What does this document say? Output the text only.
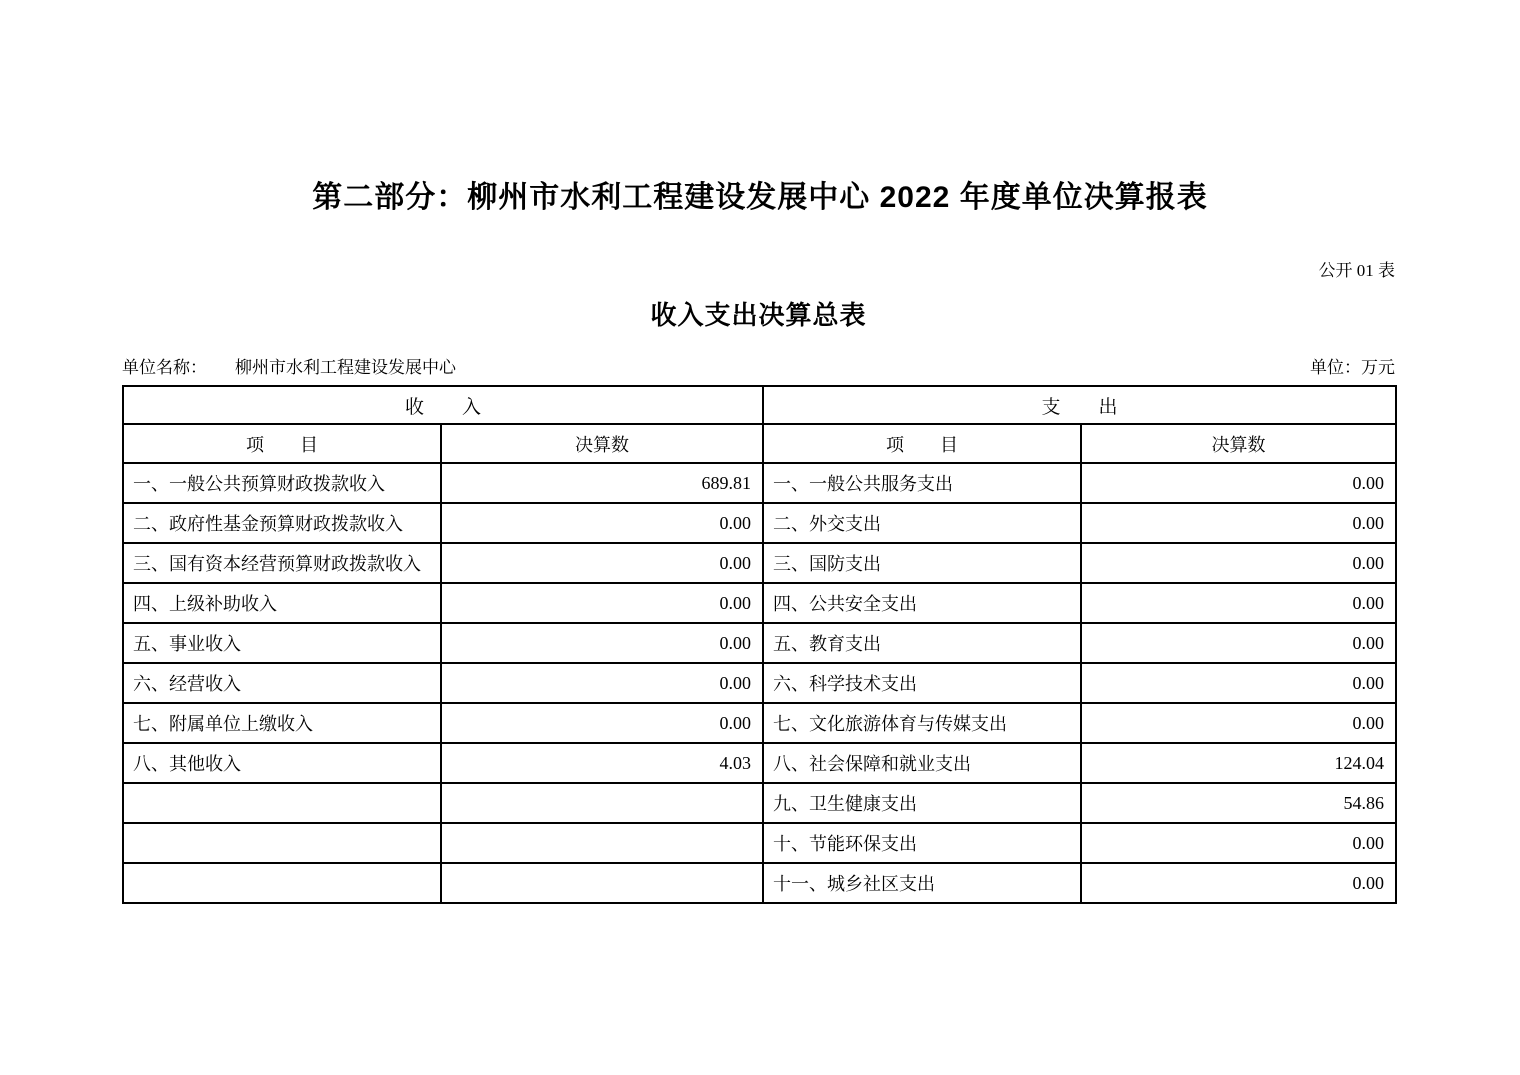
第二部分：柳州市水利工程建设发展中心 2022 年度单位决算报表
公开 01 表
收入支出决算总表
单位名称： 柳州市水利工程建设发展中心	单位：万元
收　　入		支　　出	
项　　目	决算数	项　　目	决算数
一、一般公共预算财政拨款收入	689.81	一、一般公共服务支出	0.00
二、政府性基金预算财政拨款收入	0.00	二、外交支出	0.00
三、国有资本经营预算财政拨款收入	0.00	三、国防支出	0.00
四、上级补助收入	0.00	四、公共安全支出	0.00
五、事业收入	0.00	五、教育支出	0.00
六、经营收入	0.00	六、科学技术支出	0.00
七、附属单位上缴收入	0.00	七、文化旅游体育与传媒支出	0.00
八、其他收入	4.03	八、社会保障和就业支出	124.04
		九、卫生健康支出	54.86
		十、节能环保支出	0.00
		十一、城乡社区支出	0.00
